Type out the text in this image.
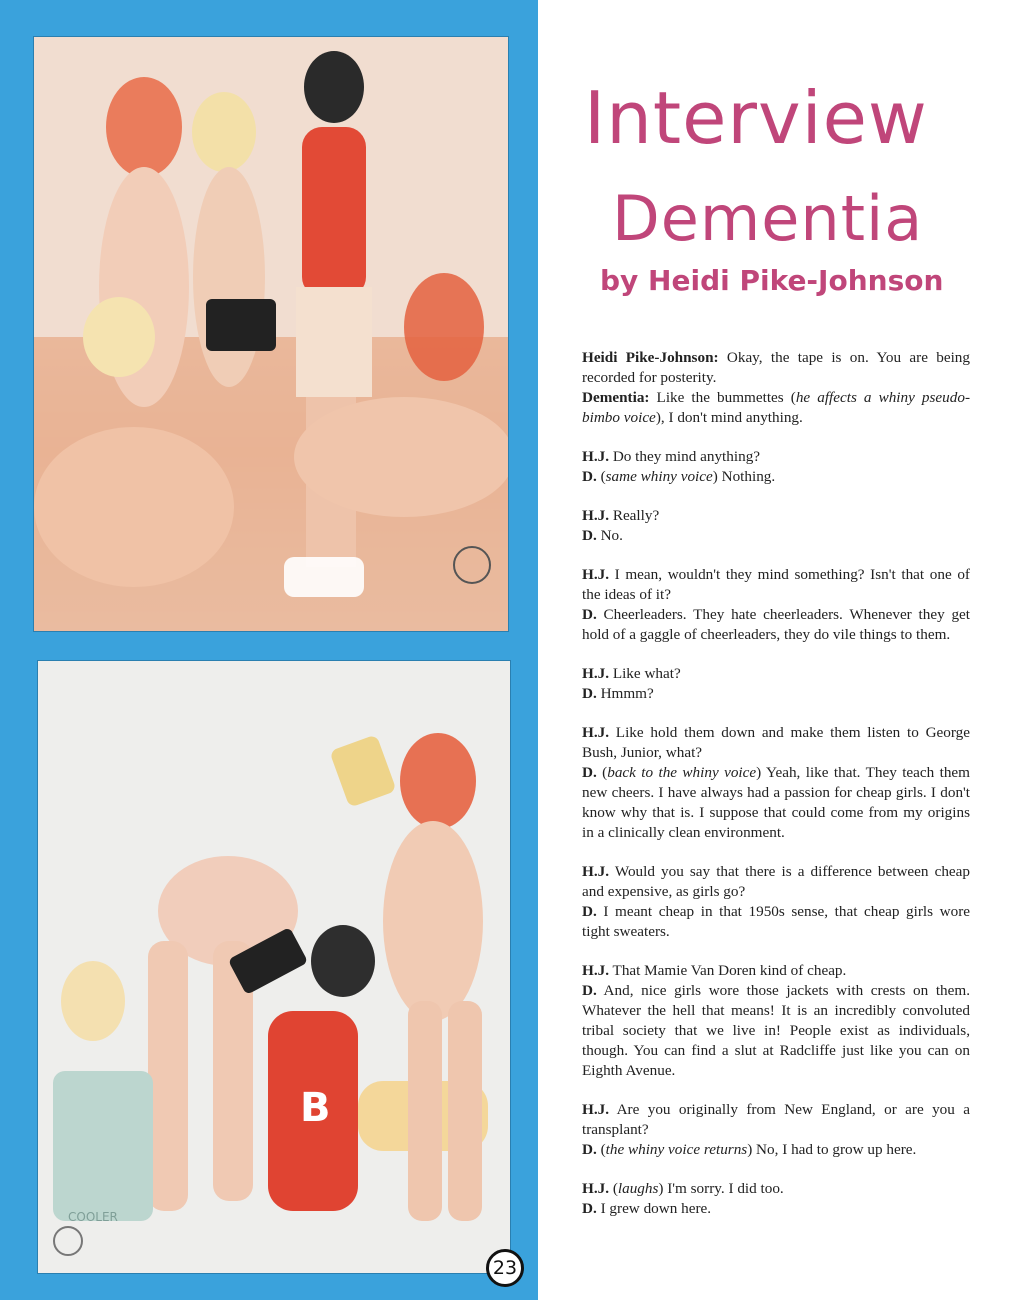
COOLER
B
23
Interview
Dementia
by Heidi Pike-Johnson

Heidi Pike-Johnson: Okay, the tape is on. You are being recorded for posterity.

Dementia: Like the bummettes (he affects a whiny pseudo-bimbo voice), I don't mind anything.

H.J. Do they mind anything?

D. (same whiny voice) Nothing.

H.J. Really?

D. No.

H.J. I mean, wouldn't they mind something? Isn't that one of the ideas of it?

D. Cheerleaders. They hate cheerleaders. Whenever they get hold of a gaggle of cheerleaders, they do vile things to them.

H.J. Like what?

D. Hmmm?

H.J. Like hold them down and make them listen to George Bush, Junior, what?

D. (back to the whiny voice) Yeah, like that. They teach them new cheers. I have always had a passion for cheap girls. I don't know why that is. I suppose that could come from my origins in a clinically clean environment.

H.J. Would you say that there is a difference between cheap and expensive, as girls go?

D. I meant cheap in that 1950s sense, that cheap girls wore tight sweaters.

H.J. That Mamie Van Doren kind of cheap.

D. And, nice girls wore those jackets with crests on them. Whatever the hell that means! It is an incredibly convoluted tribal society that we live in! People exist as individuals, though. You can find a slut at Radcliffe just like you can on Eighth Avenue.

H.J. Are you originally from New England, or are you a transplant?

D. (the whiny voice returns) No, I had to grow up here.

H.J. (laughs) I'm sorry. I did too.

D. I grew down here.
